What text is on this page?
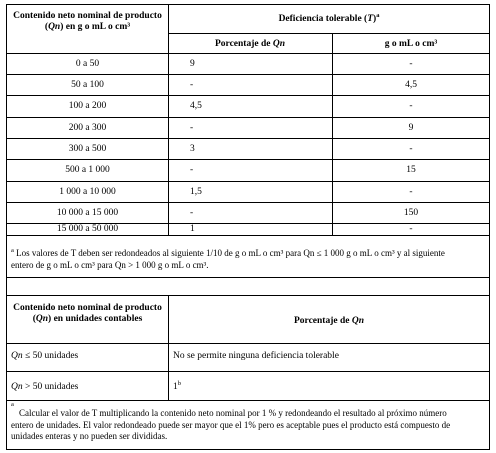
Contenido neto nominal de producto
(Qn) en g o mL o cm³
Deficiencia tolerable $(T)^a$
Porcentaje de Qn	g o mL o cm³
0 a 50	9	-
50 a 100	-	4,5
100 a 200	4,5	-
200 a 300	-	9
300 a 500	3	-
500 a 1 000	-	15
1 000 a 10 000	1,5	-
10 000 a 15 000	-	150
15 000 a 50 000	1	-
$^a$ Los valores de T deben ser redondeados al siguiente 1/10 de g o mL o cm³ para Qn ≤ 1 000 g o mL o cm³ y al siguiente
entero de g o mL o cm³ para Qn > 1 000 g o mL o cm³.
Contenido neto nominal de producto
(Qn) en unidades contables	Porcentaje de Qn
Qn ≤ 50 unidades	No se permite ninguna deficiencia tolerable
Qn > 50 unidades	1$^b$
a
Calcular el valor de T multiplicando la contenido neto nominal por 1 % y redondeando el resultado al próximo número
entero de unidades. El valor redondeado puede ser mayor que el 1% pero es aceptable pues el producto está compuesto de
unidades enteras y no pueden ser divididas.
